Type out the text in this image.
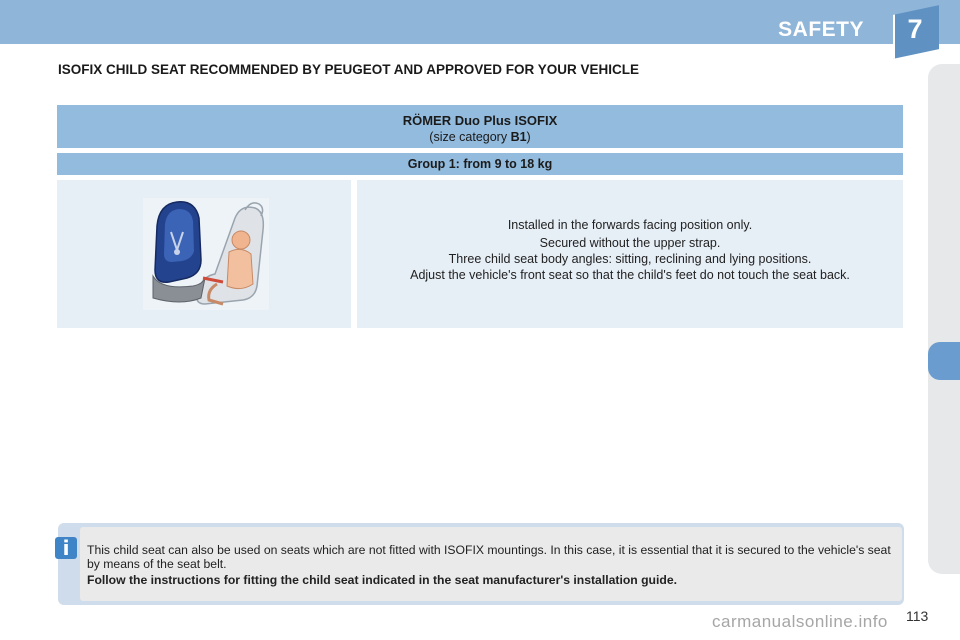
SAFETY	7
ISOFIX CHILD SEAT RECOMMENDED BY PEUGEOT AND APPROVED FOR YOUR VEHICLE
RÖMER Duo Plus ISOFIX
(size category B1)
Group 1: from 9 to 18 kg
Installed in the forwards facing position only.
Secured without the upper strap.
Three child seat body angles: sitting, reclining and lying positions.
Adjust the vehicle's front seat so that the child's feet do not touch the seat back.
i	This child seat can also be used on seats which are not fitted with ISOFIX mountings. In this case, it is essential that it is secured to the vehicle's seat by means of the seat belt.
Follow the instructions for fitting the child seat indicated in the seat manufacturer's installation guide.
carmanualsonline.info 113
